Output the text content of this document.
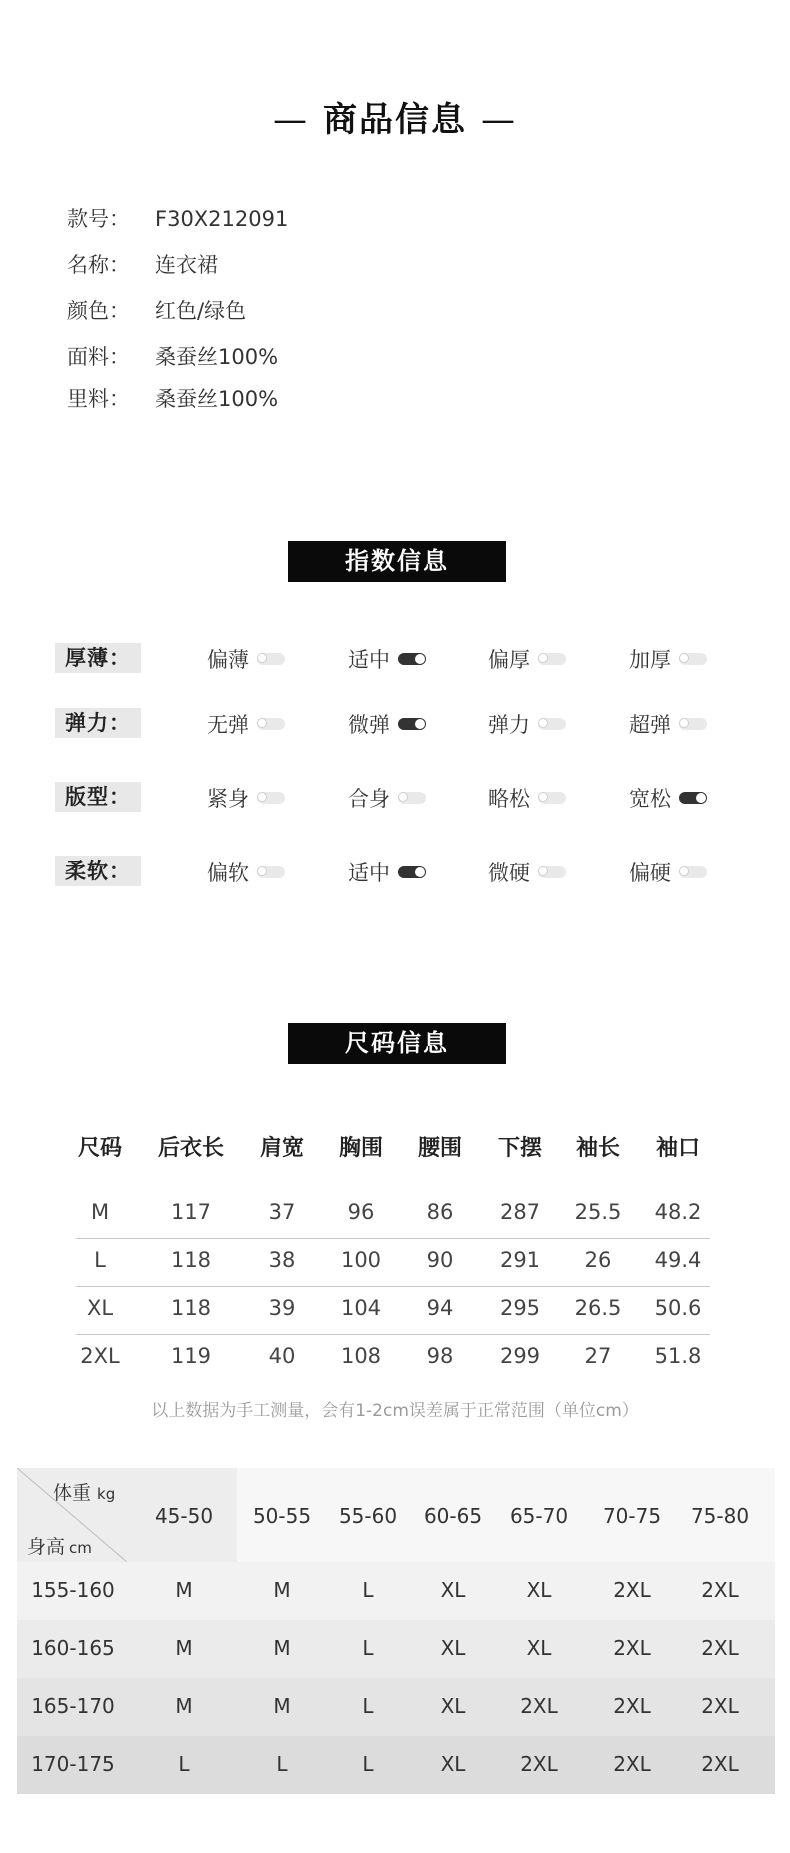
— 商品信息 —
款号： F30X212091
名称： 连衣裙
颜色： 红色/绿色
面料： 桑蚕丝100%
里料： 桑蚕丝100%
指数信息
厚薄：	偏薄	适中	偏厚	加厚
弹力：	无弹	微弹	弹力	超弹
版型：	紧身	合身	略松	宽松
柔软：	偏软	适中	微硬	偏硬
尺码信息
尺码	后衣长	肩宽	胸围	腰围	下摆	袖长	袖口
M	117	37	96	86	287	25.5	48.2
L	118	38	100	90	291	26	49.4
XL	118	39	104	94	295	26.5	50.6
2XL	119	40	108	98	299	27	51.8
以上数据为手工测量，会有1-2cm误差属于正常范围（单位cm）
体重 kg
身高 cm
45-50	50-55	55-60	60-65	65-70	70-75	75-80
155-160	M	M	L	XL	XL	2XL	2XL
160-165	M	M	L	XL	XL	2XL	2XL
165-170	M	M	L	XL	2XL	2XL	2XL
170-175	L	L	L	XL	2XL	2XL	2XL
